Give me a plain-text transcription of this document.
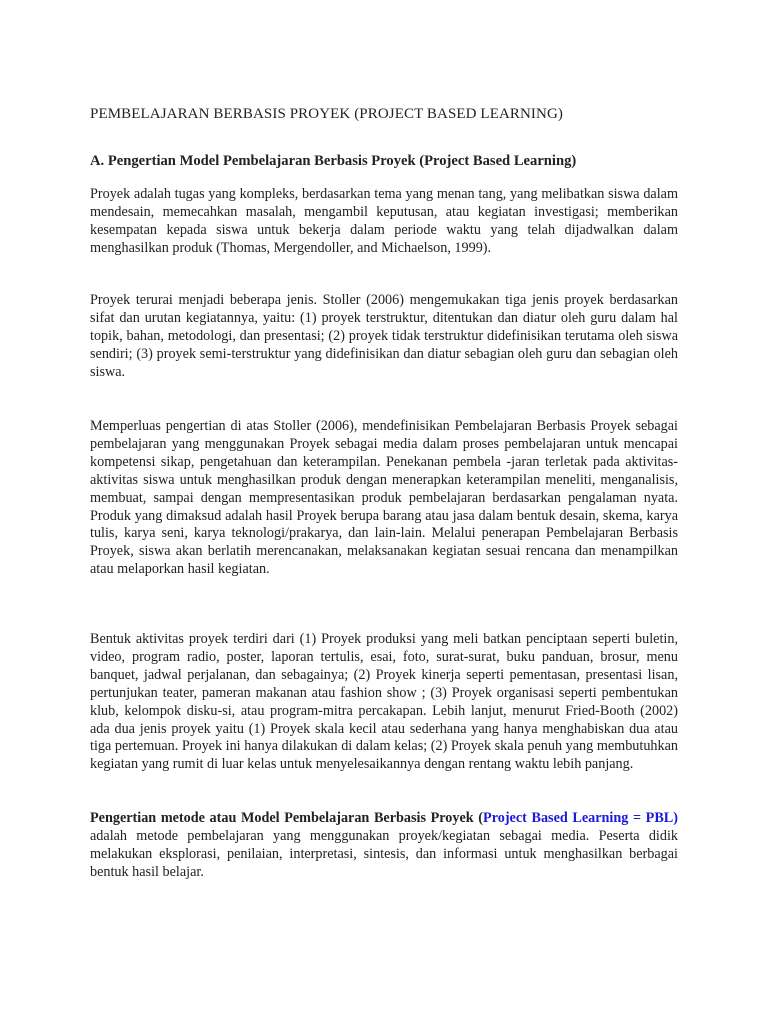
PEMBELAJARAN BERBASIS PROYEK (PROJECT BASED LEARNING)
A. Pengertian Model Pembelajaran Berbasis Proyek (Project Based Learning)

Proyek adalah tugas yang kompleks, berdasarkan tema yang menan tang, yang melibatkan siswa dalam mendesain, memecahkan masalah, mengambil keputusan, atau kegiatan investigasi; memberikan kesempatan kepada siswa untuk bekerja dalam periode waktu yang telah dijadwalkan dalam menghasilkan produk (Thomas, Mergendoller, and Michaelson, 1999).

Proyek terurai menjadi beberapa jenis. Stoller (2006) mengemukakan tiga jenis proyek berdasarkan sifat dan urutan kegiatannya, yaitu: (1) proyek terstruktur, ditentukan dan diatur oleh guru dalam hal topik, bahan, metodologi, dan presentasi; (2) proyek tidak terstruktur didefinisikan terutama oleh siswa sendiri; (3) proyek semi-terstruktur yang didefinisikan dan diatur sebagian oleh guru dan sebagian oleh siswa.

Memperluas pengertian di atas Stoller (2006), mendefinisikan Pembelajaran Berbasis Proyek sebagai pembelajaran yang menggunakan Proyek sebagai media dalam proses pembelajaran untuk mencapai kompetensi sikap, pengetahuan dan keterampilan. Penekanan pembela -jaran terletak pada aktivitas-aktivitas siswa untuk menghasilkan produk dengan menerapkan keterampilan meneliti, menganalisis, membuat, sampai dengan mempresentasikan produk pembelajaran berdasarkan pengalaman nyata. Produk yang dimaksud adalah hasil Proyek berupa barang atau jasa dalam bentuk desain, skema, karya tulis, karya seni, karya teknologi/prakarya, dan lain-lain. Melalui penerapan Pembelajaran Berbasis Proyek, siswa akan berlatih merencanakan, melaksanakan kegiatan sesuai rencana dan menampilkan atau melaporkan hasil kegiatan.

Bentuk aktivitas proyek terdiri dari (1) Proyek produksi yang meli batkan penciptaan seperti buletin, video, program radio, poster, laporan tertulis, esai, foto, surat-surat, buku panduan, brosur, menu banquet, jadwal perjalanan, dan sebagainya; (2) Proyek kinerja seperti pementasan, presentasi lisan, pertunjukan teater, pameran makanan atau fashion show ; (3) Proyek organisasi seperti pembentukan klub, kelompok disku-si, atau program-mitra percakapan. Lebih lanjut, menurut Fried-Booth (2002) ada dua jenis proyek yaitu (1) Proyek skala kecil atau sederhana yang hanya menghabiskan dua atau tiga pertemuan. Proyek ini hanya dilakukan di dalam kelas; (2) Proyek skala penuh yang membutuhkan kegiatan yang rumit di luar kelas untuk menyelesaikannya dengan rentang waktu lebih panjang.

Pengertian metode atau Model Pembelajaran Berbasis Proyek (Project Based Learning = PBL) adalah metode pembelajaran yang menggunakan proyek/kegiatan sebagai media. Peserta didik melakukan eksplorasi, penilaian, interpretasi, sintesis, dan informasi untuk menghasilkan berbagai bentuk hasil belajar.
